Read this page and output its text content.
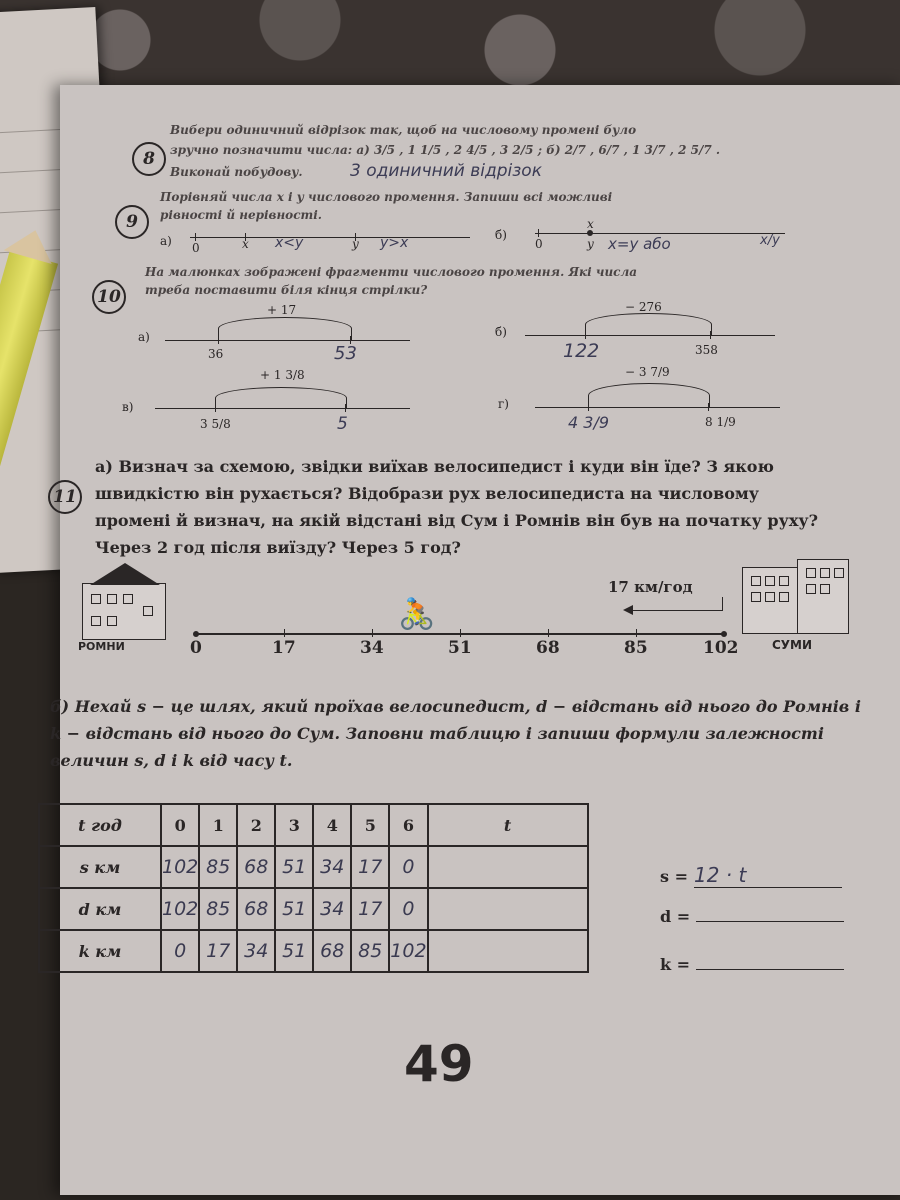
8
Вибери одиничний відрізок так, щоб на числовому промені було
зручно позначити числа: а) 3/5 , 1 1/5 , 2 4/5 , 3 2/5 ; б) 2/7 , 6/7 , 1 3/7 , 2 5/7 .
Виконай побудову.	3 одиничний відрізок
9
Порівняй числа x і y числового промення. Запиши всі можливі
рівності й нерівності.
а) 0	x	y
x<y	y>x	б)
0
x
y x=y або	x/y
10
На малюнках зображені фрагменти числового промення. Які числа
треба поставити біля кінця стрілки?
а)
+ 17
36	53
б)
− 276
122	358
в)
+ 1 3/8
3 5/8	5
г)
− 3 7/9
4 3/9	8 1/9
11
а) Визнач за схемою, звідки виїхав велосипедист і куди він їде? З якою швидкістю він рухається? Відобрази рух велосипедиста на числовому промені й визнач, на якій відстані від Сум і Ромнів він був на початку руху? Через 2 год після виїзду? Через 5 год?
РОМНИ	СУМИ
17 км/год
🚴
0	17	34	51	68	85	102
б) Нехай s − це шлях, який проїхав велосипедист, d − відстань від нього до Ромнів і k − відстань від нього до Сум. Заповни таблицю і запиши формули залежності величин s, d і k від часу t.
t год	0	1	2	3	4	5	6	t
s км	102	85	68	51	34	17	0	
d км	102	85	68	51	34	17	0	
k км	0	17	34	51	68	85	102	
s = 12 · t
d =
k =
49
